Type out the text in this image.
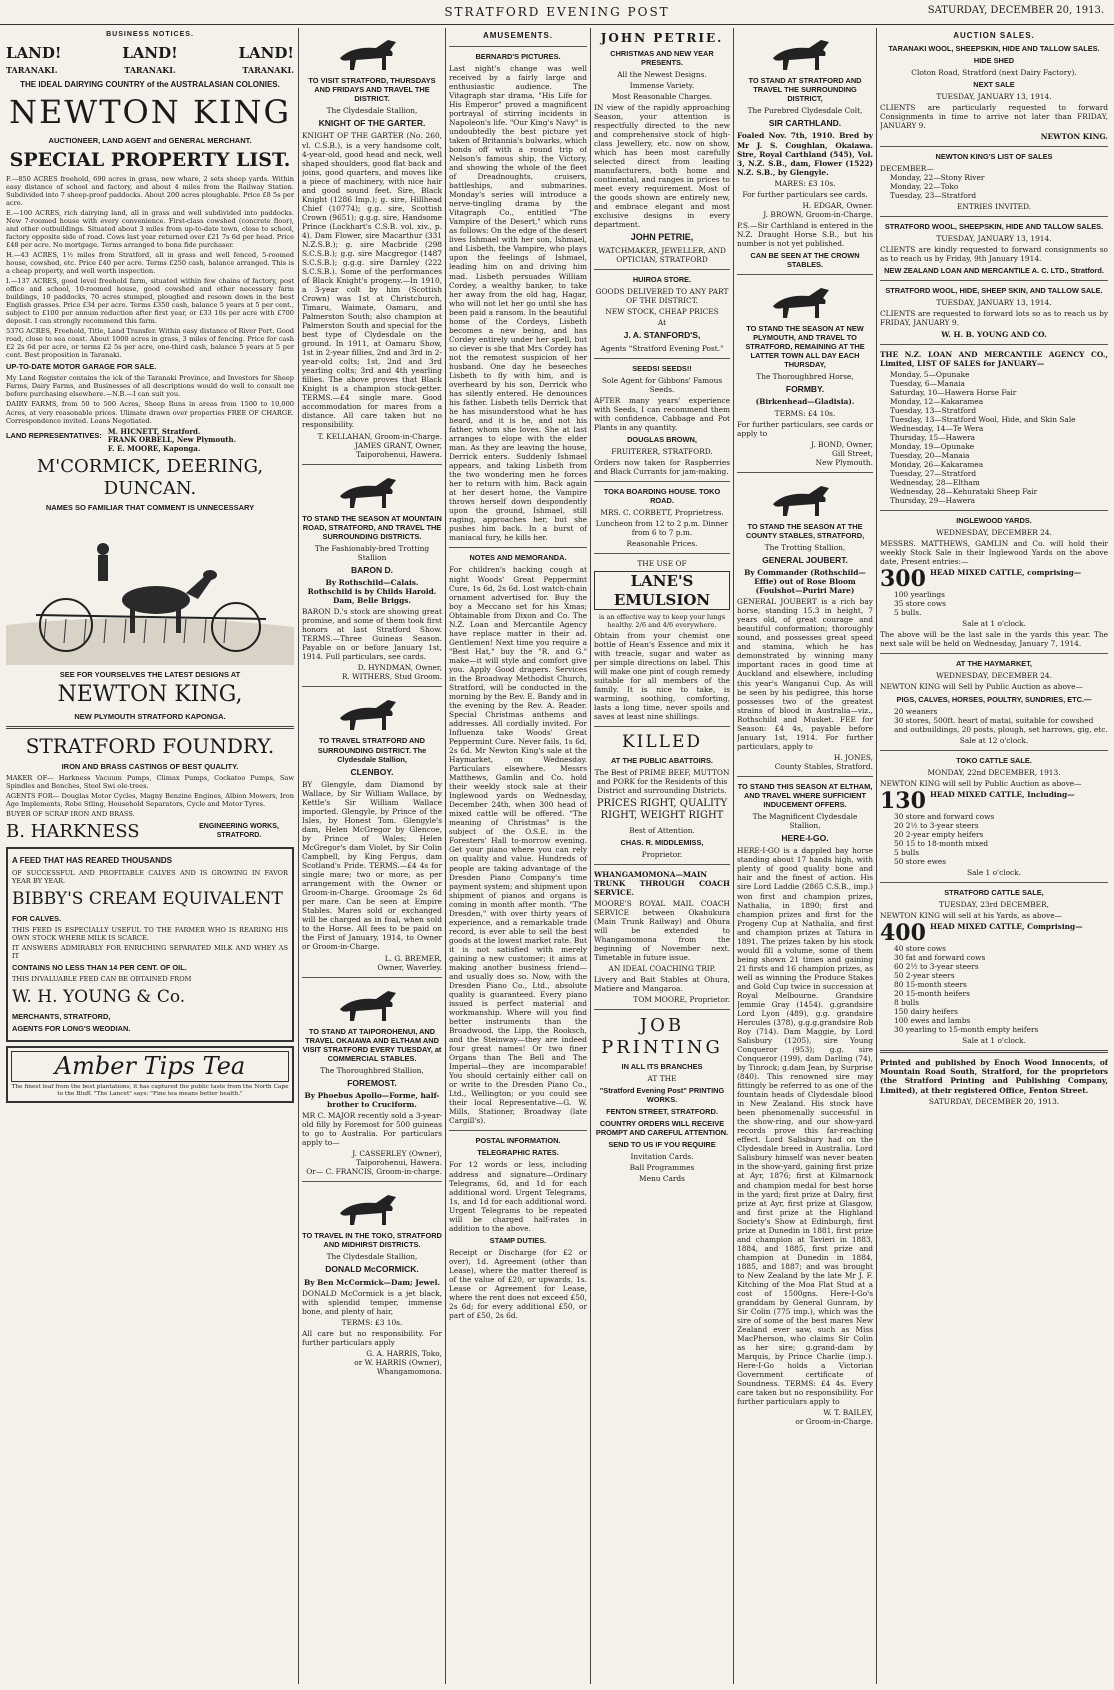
STRATFORD EVENING POST	SATURDAY, DECEMBER 20, 1913.
BUSINESS NOTICES.
LAND!	LAND!	LAND!
TARANAKI.	TARANAKI.	TARANAKI.
THE IDEAL DAIRYING COUNTRY of the AUSTRALASIAN COLONIES.
NEWTON KING
AUCTIONEER, LAND AGENT and GENERAL MERCHANT.
SPECIAL PROPERTY LIST.
F.—850 ACRES freehold, 690 acres in grass, new whare, 2 sets sheep yards. Within easy distance of school and factory, and about 4 miles from the Railway Station. Subdivided into 7 sheep-proof paddocks. About 200 acres ploughable. Price £8 5s per acre.
E.—100 ACRES, rich dairying land, all in grass and well subdivided into paddocks. New 7-roomed house with every convenience. First-class cowshed (concrete floor), and other outbuildings. Situated about 3 miles from up-to-date town, close to school, factory opposite side of road. Cows last year returned over £21 7s 6d per head. Price £48 per acre. No mortgage. Terms arranged to bona fide purchaser.
H.—43 ACRES, 1½ miles from Stratford, all in grass and well fenced, 5-roomed house, cowshed, etc. Price £40 per acre. Terms £250 cash, balance arranged. This is a cheap property, and well worth inspection.
I.—137 ACRES, good level freehold farm, situated within few chains of factory, post office and school, 10-roomed house, good cowshed and other necessary farm buildings, 10 paddocks, 70 acres stumped, ploughed and resown down in the best English grasses. Price £34 per acre. Terms £350 cash, balance 5 years at 5 per cent., subject to £100 per annum reduction after first year, or £33 10s per acre with £700 deposit. I can strongly recommend this farm.
537G ACRES, Freehold, Title, Land Transfer. Within easy distance of River Port. Good road, close to sea coast. About 1000 acres in grass, 3 miles of fencing. Price for cash £2 2s 6d per acre, or terms £2 5s per acre, one-third cash, balance 5 years at 5 per cent. Best proposition in Taranaki.
UP-TO-DATE MOTOR GARAGE FOR SALE.
My Land Register contains the ick of the Taranaki Province, and Investors for Sheep Farms, Dairy Farms, and Businesses of all descriptions would do well to consult me before purchasing elsewhere.—N.B.—I can suit you.
DAIRY FARMS, from 50 to 500 Acres, Sheep Runs in areas from 1500 to 10,000 Acres, at very reasonable prices. Ulimate drawn over properties FREE OF CHARGE. Correspondence invited. Loans Negotiated.
LAND REPRESENTATIVES: M. HICNETT, Stratford.
FRANK ORBELL, New Plymouth.
F. E. MOORE, Kaponga.
M'CORMICK, DEERING, DUNCAN.
NAMES SO FAMILIAR THAT COMMENT IS UNNECESSARY
SEE FOR YOURSELVES THE LATEST DESIGNS AT
NEWTON KING,
NEW PLYMOUTH STRATFORD KAPONGA.
STRATFORD FOUNDRY.
IRON AND BRASS CASTINGS OF BEST QUALITY.
MAKER OF— Harkness Vacuum Pumps, Climax Pumps, Cockatoo Pumps, Saw Spindles and Benches, Steel Swi ole-trees.
AGENTS FOR— Douglas Motor Cycles, Magny Benzine Engines, Albion Mowers, Iron Age Implements, Robe Stling, Household Separators, Cycle and Motor Tyres.
BUYER OF SCRAP IRON AND BRASS.
B. HARKNESS	ENGINEERING WORKS, STRATFORD.
A FEED THAT HAS REARED THOUSANDS
OF SUCCESSFUL AND PROFITABLE CALVES AND IS GROWING IN FAVOR YEAR BY YEAR.
BIBBY'S CREAM EQUIVALENT
FOR CALVES.
THIS FEED IS ESPECIALLY USEFUL TO THE FARMER WHO IS REARING HIS OWN STOCK WHERE MILK IS SCARCE.
IT ANSWERS ADMIRABLY FOR ENRICHING SEPARATED MILK AND WHEY AS IT
CONTAINS NO LESS THAN 14 PER CENT. OF OIL.
THIS INVALUABLE FEED CAN BE OBTAINED FROM
W. H. YOUNG & Co.
MERCHANTS, STRATFORD,
AGENTS FOR LONG'S WEODIAN.
Amber Tips Tea
The finest leaf from the best plantations, it has captured the public taste from the North Cape to the Bluff. "The Lancet" says: "Fine tea means better health."
TO VISIT STRATFORD, THURSDAYS AND FRIDAYS AND TRAVEL THE DISTRICT.
The Clydesdale Stallion,
KNIGHT OF THE GARTER.
KNIGHT OF THE GARTER (No. 260, vl. C.S.B.), is a very handsome colt, 4-year-old, good head and neck, well shaped shoulders, good flat back and joins, good quarters, and moves like a piece of machinery, with nice hair and good sound feet. Sire, Black Knight (1286 Imp.); g. sire, Hillhead Chief (10774); g.g. sire, Scottish Crown (9651); g.g.g. sire, Handsome Prince (Lockhart's C.S.B. vol. xiv., p. 4). Dam Flower, sire Macarthur (331 N.Z.S.B.); g. sire Macbride (298 S.C.S.B.); g.g. sire Macgregor (1487 S.C.S.B.); g.g.g. sire Darnley (222 S.C.S.B.). Some of the performances of Black Knight's progeny.—In 1910, a 3-year colt by him (Scottish Crown) was 1st at Christchurch, Timaru, Waimate, Oamaru, and Palmerston South; also champion at Palmerston South and special for the best type of Clydesdale on the ground. In 1911, at Oamaru Show, 1st in 2-year fillies, 2nd and 3rd in 2-year-old colts; 1st, 2nd and 3rd yearling colts; 3rd and 4th yearling fillies. The above proves that Black Knight is a champion stock-getter. TERMS.—£4 single mare. Good accommodation for mares from a distance. All care taken but no responsibility.
T. KELLAHAN, Groom-in-Charge.
JAMES GRANT, Owner,
Taiporohenui, Hawera.
TO STAND THE SEASON AT MOUNTAIN ROAD, STRATFORD, AND TRAVEL THE SURROUNDING DISTRICTS.
The Fashionably-bred Trotting Stallion
BARON D.
By Rothschild—Calais. Rothschild is by Childs Harold. Dam, Belle Briggs.
BARON D.'s stock are showing great promise, and some of them took first honors at last Stratford Show. TERMS.—Three Guineas Season. Payable on or before January 1st, 1914. Full particulars, see cards.
D. HYNDMAN, Owner,
R. WITHERS, Stud Groom.
TO TRAVEL STRATFORD AND SURROUNDING DISTRICT. The Clydesdale Stallion,
CLENBOY.
BY Glengyle, dam Diamond by Wallace, by Sir William Wallace, by Kettle's Sir William Wallace imported. Glengyle, by Prince of the Isles, by Honest Tom. Glengyle's dam, Helen McGregor by Glencoe, by Prince of Wales; Helen McGregor's dam Violet, by Sir Colin Campbell, by King Fergus, dam Scotland's Pride. TERMS.—£4 4s for single mare; two or more, as per arrangement with the Owner or Groom-in-Charge. Groomage 2s 6d per mare. Can be seen at Empire Stables. Mares sold or exchanged will be charged as in foal, when sold to the Horse. All fees to be paid on the First of January, 1914, to Owner or Groom-in-Charge.
L. G. BREMER,
Owner, Waverley.
TO STAND AT TAIPOROHENUI, AND TRAVEL OKAIAWA AND ELTHAM AND VISIT STRATFORD EVERY TUESDAY, at COMMERCIAL STABLES.
The Thoroughbred Stallion,
FOREMOST.
By Phoebus Apollo—Forme, half-brother to Cruciform.
MR C. MAJOR recently sold a 3-year-old filly by Foremost for 500 guineas to go to Australia. For particulars apply to—
J. CASSERLEY (Owner),
Taiporohenui, Hawera.
Or— C. FRANCIS, Groom-in-charge.
TO TRAVEL IN THE TOKO, STRATFORD AND MIDHIRST DISTRICTS.
The Clydesdale Stallion,
DONALD McCORMICK.
By Ben McCormick—Dam; Jewel.
DONALD McCormick is a jet black, with splendid temper, immense bone, and plenty of hair,
TERMS: £3 10s.
All care but no responsibility. For further particulars apply
G. A. HARRIS, Toko,
or W. HARRIS (Owner),
Whangamomona.
AMUSEMENTS.
BERNARD'S PICTURES.
Last night's change was well received by a fairly large and enthusiastic audience. The Vitagraph star drama, "His Life for His Emperor" proved a magnificent portrayal of stirring incidents in Napoleon's life. "Our King's Navy" is undoubtedly the best picture yet taken of Britannia's bulwarks, which bonds off with a round trip of Nelson's famous ship, the Victory, and showing the whole of the fleet of Dreadnoughts, cruisers, battleships, and submarines. Monday's series will introduce a nerve-tingling drama by the Vitagraph Co., entitled "The Vampire of the Desert," which runs as follows: On the edge of the desert lives Ishmael with her son, Ishmael, and Lisbeth, the Vampire, who plays upon the feelings of Ishmael, leading him on and driving him mad. Lisbeth persuades William Cordey, a wealthy banker, to take her away from the old hag, Hagar, who will not let her go until she has been paid a ransom. In the beautiful home of the Cordeys, Lisbeth becomes a new being, and has Cordey entirely under her spell, but so clever is she that Mrs Cordey has not the remotest suspicion of her husband. One day he beseeches Lisbeth to fly with him, and is overheard by his son, Derrick who has silently entered. He denounces his father. Lisbeth tells Derrick that he has misunderstood what he has heard, and it is he, and not his father, whom she loves. She at last arranges to elope with the elder man. As they are leaving the house, Derrick enters. Suddenly Ishmael appears, and taking Lisbeth from the two wondering men he forces her to return with him. Back again at her desert home, the Vampire throws herself down despondently upon the ground, Ishmael, still raging, approaches her, but she pushes him back. In a burst of maniacal fury, he kills her.
NOTES AND MEMORANDA.
For children's hacking cough at night Woods' Great Peppermint Cure, 1s 6d, 2s 6d. Lost watch-chain ornament advertised for. Buy the boy a Meccano set for his Xmas; Obtainable from Dixon and Co. The N.Z. Loan and Mercantile Agency have replace matter in their ad. Gentlemen! Next time you require a "Best Hat," buy the "R. and G." make—it will style and comfort give you. Apply Good drapers. Services in the Broadway Methodist Church, Stratford, will be conducted in the morning by the Rev. E. Bandy and in the evening by the Rev. A. Reader. Special Christmas anthems and addresses. All cordially invited. For Influenza take Woods' Great Peppermint Cure. Never fails, 1s 6d, 2s 6d. Mr Newton King's sale at the Haymarket, on Wednesday. Particulars elsewhere. Messrs Matthews, Gamlin and Co. hold their weekly stock sale at their Inglewood yards on Wednesday, December 24th, when 300 head of mixed cattle will be offered. "The meaning of Christmas" is the subject of the O.S.E. in the Foresters' Hall to-morrow evening. Get your piano where you can rely on quality and value. Hundreds of people are taking advantage of the Dresden Piano Company's time payment system; and shipment upon shipment of pianos and organs is coming in month after month. "The Dresden," with over thirty years of experience, and a remarkable trade record, is ever able to sell the best goods at the lowest market rate. But it is not satisfied with merely gaining a new customer; it aims at making another business friend—and usually does so. Now, with the Dresden Piano Co., Ltd., absolute quality is guaranteed. Every piano issued is perfect material and workmanship. Where will you find better instruments than the Broadwood, the Lipp, the Rooksch, and the Steinway—they are indeed four great names! Or two finer Organs than The Bell and The Imperial—they are incomparable! You should certainly either call on or write to the Dresden Piano Co., Ltd., Wellington; or you could see their local Representative—G. W. Mills, Stationer, Broadway (late Cargill's).
POSTAL INFORMATION.
TELEGRAPHIC RATES.
For 12 words or less, including address and signature—Ordinary Telegrams, 6d, and 1d for each additional word. Urgent Telegrams, 1s, and 1d for each additional word. Urgent Telegrams to be repeated will be charged half-rates in addition to the above.
STAMP DUTIES.
Receipt or Discharge (for £2 or over), 1d. Agreement (other than Lease), where the matter thereof is of the value of £20, or upwards, 1s. Lease or Agreement for Lease, where the rent does not exceed £50, 2s 6d; for every additional £50, or part of £50, 2s 6d.
JOHN PETRIE.
CHRISTMAS AND NEW YEAR PRESENTS.
All the Newest Designs.
Immense Variety.
Most Reasonable Charges.
IN view of the rapidly approaching Season, your attention is respectfully directed to the new and comprehensive stock of high-class Jewellery, etc. now on show, which has been most carefully selected direct from leading manufacturers, both home and continental, and ranges in prices to meet every requirement. Most of the goods shown are entirely new, and embrace elegant and most exclusive designs in every department.
JOHN PETRIE,
WATCHMAKER, JEWELLER, AND OPTICIAN, STRATFORD
HUIROA STORE.
GOODS DELIVERED TO ANY PART OF THE DISTRICT.
NEW STOCK, CHEAP PRICES
At
J. A. STANFORD'S,
Agents "Stratford Evening Post."
SEEDS! SEEDS!!
Sole Agent for Gibbons' Famous Seeds.
AFTER many years' experience with Seeds, I can recommend them with confidence. Cabbage and Pot Plants in any quantity.
DOUGLAS BROWN,
FRUITERER, STRATFORD.
Orders now taken for Raspberries and Black Currants for jam-making.
TOKA BOARDING HOUSE. TOKO ROAD.
MRS. C. CORBETT, Proprietress.
Luncheon from 12 to 2 p.m. Dinner from 6 to 7 p.m.
Reasonable Prices.
THE USE OF
LANE'S EMULSION
is an effective way to keep your lungs healthy. 2/6 and 4/6 everywhere.
Obtain from your chemist one bottle of Hean's Essence and mix it with treacle, sugar and water as per simple directions on label. This will make one pint of cough remedy suitable for all members of the family. It is nice to take, is warming, soothing, comforting, lasts a long time, never spoils and saves at least nine shillings.
KILLED
AT THE PUBLIC ABATTOIRS.
The Best of PRIME BEEF, MUTTON and PORK for the Residents of this District and surrounding Districts.
PRICES RIGHT, QUALITY RIGHT, WEIGHT RIGHT
Best of Attention.
CHAS. R. MIDDLEMISS,
Proprietor.
WHANGAMOMONA—MAIN TRUNK THROUGH COACH SERVICE.
MOORE'S ROYAL MAIL COACH SERVICE between Okahukura (Main Trunk Railway) and Ohura will be extended to Whangamomona from the beginning of November next. Timetable in future issue.
AN IDEAL COACHING TRIP.
Livery and Bait Stables at Ohura, Matiere and Mangaroa.
TOM MOORE, Proprietor.
JOB PRINTING
IN ALL ITS BRANCHES
AT THE
"Stratford Evening Post" PRINTING WORKS.
FENTON STREET, STRATFORD.
COUNTRY ORDERS WILL RECEIVE PROMPT AND CAREFUL ATTENTION.
SEND TO US IF YOU REQUIRE
Invitation Cards.
Ball Programmes
Menu Cards
TO STAND AT STRATFORD AND TRAVEL THE SURROUNDING DISTRICT,
The Purebred Clydesdale Colt,
SIR CARTHLAND.
Foaled Nov. 7th, 1910. Bred by Mr J. S. Coughlan, Okaiawa. Sire, Royal Carthland (545), Vol. 3, N.Z. S.B., dam, Flower (1522) N.Z. S.B., by Glengyle.
MARES: £3 10s.
For further particulars see cards.
H. EDGAR, Owner.
J. BROWN, Groom-in-Charge.
P.S.—Sir Carthland is entered in the N.Z. Draught Horse S.B., but his number is not yet published.
CAN BE SEEN AT THE CROWN STABLES.
TO STAND THE SEASON AT NEW PLYMOUTH, AND TRAVEL TO STRATFORD, REMAINING AT THE LATTER TOWN ALL DAY EACH THURSDAY,
The Thoroughbred Horse,
FORMBY.
(Birkenhead—Gladisia).
TERMS: £4 10s.
For further particulars, see cards or apply to
J. BOND, Owner,
Gill Street,
New Plymouth.
TO STAND THE SEASON AT THE COUNTY STABLES, STRATFORD,
The Trotting Stallion,
GENERAL JOUBERT.
By Commander (Rothschild—Effie) out of Rose Bloom (Foulshot—Puriri Mare)
GENERAL JOUBERT is a rich bay horse, standing 15.3 in height, 7 years old, of great courage and beautiful conformation; thoroughly sound, and possesses great speed and stamina, which he has demonstrated by winning many important races in good time at Auckland and elsewhere, including this year's Wanganui Cup. As will be seen by his pedigree, this horse possesses two of the greatest strains of blood in Australia—viz., Rothschild and Musket. FEE for Season: £4 4s, payable before January 1st, 1914. For further particulars, apply to
H. JONES,
County Stables, Stratford.
TO STAND THIS SEASON AT ELTHAM, AND TRAVEL WHERE SUFFICIENT INDUCEMENT OFFERS.
The Magnificent Clydesdale Stallion,
HERE-I-GO.
HERE-I-GO is a dappled bay horse standing about 17 hands high, with plenty of good quality bone and hair and the finest of action. His sire Lord Laddie (2865 C.S.B., imp.) won first and champion prizes, Nathalia, in 1890; first and champion prizes and first for the Progeny Cup at Nathalia, and first and champion prizes at Tatura in 1891. The prizes taken by his stock would fill a volume, some of them being shown 21 times and gaining 21 firsts and 16 champion prizes, as well as winning the Produce Stakes and Gold Cup twice in succession at Royal Melbourne. Grandsire Jemmie Gray (1454). g.grandsire Lord Lyon (489), g.g. grandsire Hercules (378), g.g.g.grandsire Rob Roy (714). Dam Maggie, by Lord Salisbury (1205), sire Young Conqueror (953); g.g. sire Conqueror (199), dam Darling (74), by Tinrock; g.dam Jean, by Surprise (840). This renowned sire may fittingly be referred to as one of the fountain heads of Clydesdale blood in New Zealand. His stock have been phenomenally successful in the show-ring, and our show-yard records prove this far-reaching effect. Lord Salisbury had on the Clydesdale breed in Australia. Lord Salisbury himself was never beaten in the show-yard, gaining first prize at Ayr, 1876; first at Kilmarnock and champion medal for best horse in the yard; first prize at Dalry, first prize at Ayr, first prize at Glasgow, and first prize at the Highland Society's Show at Edinburgh, first prize at Dunedin in 1881, first prize and champion at Tavieri in 1883, 1884, and 1885, first prize and champion at Dunedin in 1884, 1885, and 1887; and was brought to New Zealand by the late Mr J. F. Kitching of the Moa Flat Stud at a cost of 1500gns. Here-I-Go's granddam by General Gunram, by Sir Colin (775 imp.), which was the sire of some of the best mares New Zealand ever saw, such as Miss MacPherson, who claims Sir Colin as her sire; g.grand-dam by Marquis, by Prince Charlie (imp.). Here-I-Go holds a Victorian Government certificate of Soundness. TERMS: £4 4s. Every care taken but no responsibility. For further particulars apply to
W. T. BAILEY,
or Groom-in-Charge.
AUCTION SALES.
TARANAKI WOOL, SHEEPSKIN, HIDE AND TALLOW SALES.
HIDE SHED
Cloton Road, Stratford (next Dairy Factory).
NEXT SALE
TUESDAY, JANUARY 13, 1914.
CLIENTS are particularly requested to forward Consignments in time to arrive not later than FRIDAY, JANUARY 9.
NEWTON KING.
NEWTON KING'S LIST OF SALES
DECEMBER—
Monday, 22—Stony River
Monday, 22—Toko
Tuesday, 23—Stratford
ENTRIES INVITED.
STRATFORD WOOL, SHEEPSKIN, HIDE AND TALLOW SALES.
TUESDAY, JANUARY 13, 1914.
CLIENTS are kindly requested to forward consignments so as to reach us by Friday, 9th January 1914.
NEW ZEALAND LOAN AND MERCANTILE A. C. LTD., Stratford.
STRATFORD WOOL, HIDE, SHEEP SKIN, AND TALLOW SALE.
TUESDAY, JANUARY 13, 1914.
CLIENTS are requested to forward lots so as to reach us by FRIDAY, JANUARY 9.
W. H. B. YOUNG AND CO.
THE N.Z. LOAN AND MERCANTILE AGENCY CO., Limited, LIST OF SALES for JANUARY—
Monday, 5—Opunake
Tuesday, 6—Manaia
Saturday, 10—Hawera Horse Fair
Monday, 12—Kakaramea
Tuesday, 13—Stratford
Tuesday, 13—Stratford Wool, Hide, and Skin Sale
Wednesday, 14—Te Wera
Thursday, 15—Hawera
Monday, 19—Opunake
Tuesday, 20—Manaia
Monday, 26—Kakaramea
Tuesday, 27—Stratford
Wednesday, 28—Eltham
Wednesday, 28—Kehurataki Sheep Fair
Thursday, 29—Hawera
INGLEWOOD YARDS.
WEDNESDAY, DECEMBER 24.
MESSRS. MATTHEWS, GAMLIN and Co. will hold their weekly Stock Sale in their Inglewood Yards on the above date, Present entries:—
300 HEAD MIXED CATTLE, comprising—
100 yearlings
35 store cows
5 bulls.
Sale at 1 o'clock.
The above will be the last sale in the yards this year. The next sale will be held on Wednesday, January 7, 1914.
AT THE HAYMARKET,
WEDNESDAY, DECEMBER 24.
NEWTON KING will Sell by Public Auction as above—
PIGS, CALVES, HORSES, POULTRY, SUNDRIES, ETC.—
20 weaners
30 stores, 500ft. heart of matai, suitable for cowshed and outbuildings, 20 posts, plough, set harrows, gig, etc.
Sale at 12 o'clock.
TOKO CATTLE SALE.
MONDAY, 22nd DECEMBER, 1913.
NEWTON KING will sell by Public Auction as above—
130 HEAD MIXED CATTLE, Including—
30 store and forward cows
20 2½ to 3-year steers
20 2-year empty heifers
50 15 to 18-month mixed
5 bulls
50 store ewes
Sale 1 o'clock.
STRATFORD CATTLE SALE,
TUESDAY, 23rd DECEMBER,
NEWTON KING will sell at his Yards, as above—
400 HEAD MIXED CATTLE, Comprising—
40 store cows
30 fat and forward cows
60 2½ to 3-year steers
50 2-year steers
80 15-month steers
20 15-month heifers
8 bulls
150 dairy heifers
100 ewes and lambs
30 yearling to 15-month empty heifers
Sale at 1 o'clock.
Printed and published by Enoch Wood Innocents, of Mountain Road South, Stratford, for the proprietors (the Stratford Printing and Publishing Company, Limited), at their registered Office, Fenton Street.
SATURDAY, DECEMBER 20, 1913.
